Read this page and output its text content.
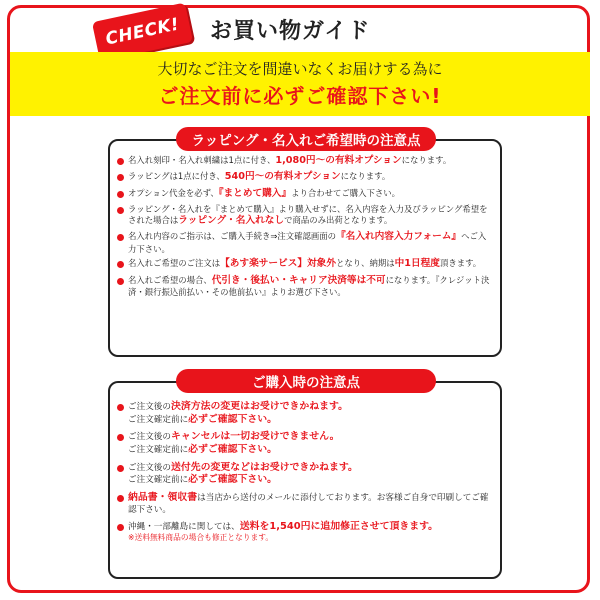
CHECK!	お買い物ガイド
大切なご注文を間違いなくお届けする為に
ご注文前に必ずご確認下さい!
ラッピング・名入れご希望時の注意点
名入れ刻印・名入れ刺繍は1点に付き、1,080円〜の有料オプションになります。
ラッピングは1点に付き、540円〜の有料オプションになります。
オプション代金を必ず、『まとめて購入』より合わせてご購入下さい。
ラッピング・名入れを『まとめて購入』より購入せずに、名入内容を入力及びラッピング希望をされた場合はラッピング・名入れなしで商品のみ出荷となります。
名入れ内容のご指示は、ご購入手続き⇒注文確認画面の『名入れ内容入力フォーム』へご入力下さい。
名入れご希望のご注文は【あす楽サービス】対象外となり、納期は中1日程度頂きます。
名入れご希望の場合、代引き・後払い・キャリア決済等は不可になります。『クレジット決済・銀行振込前払い・その他前払い』よりお選び下さい。
ご購入時の注意点
ご注文後の決済方法の変更はお受けできかねます。
ご注文確定前に必ずご確認下さい。
ご注文後のキャンセルは一切お受けできません。
ご注文確定前に必ずご確認下さい。
ご注文後の送付先の変更などはお受けできかねます。
ご注文確定前に必ずご確認下さい。
納品書・領収書は当店から送付のメールに添付しております。お客様ご自身で印刷してご確認下さい。
沖縄・一部離島に関しては、送料を1,540円に追加修正させて頂きます。
※送料無料商品の場合も修正となります。
